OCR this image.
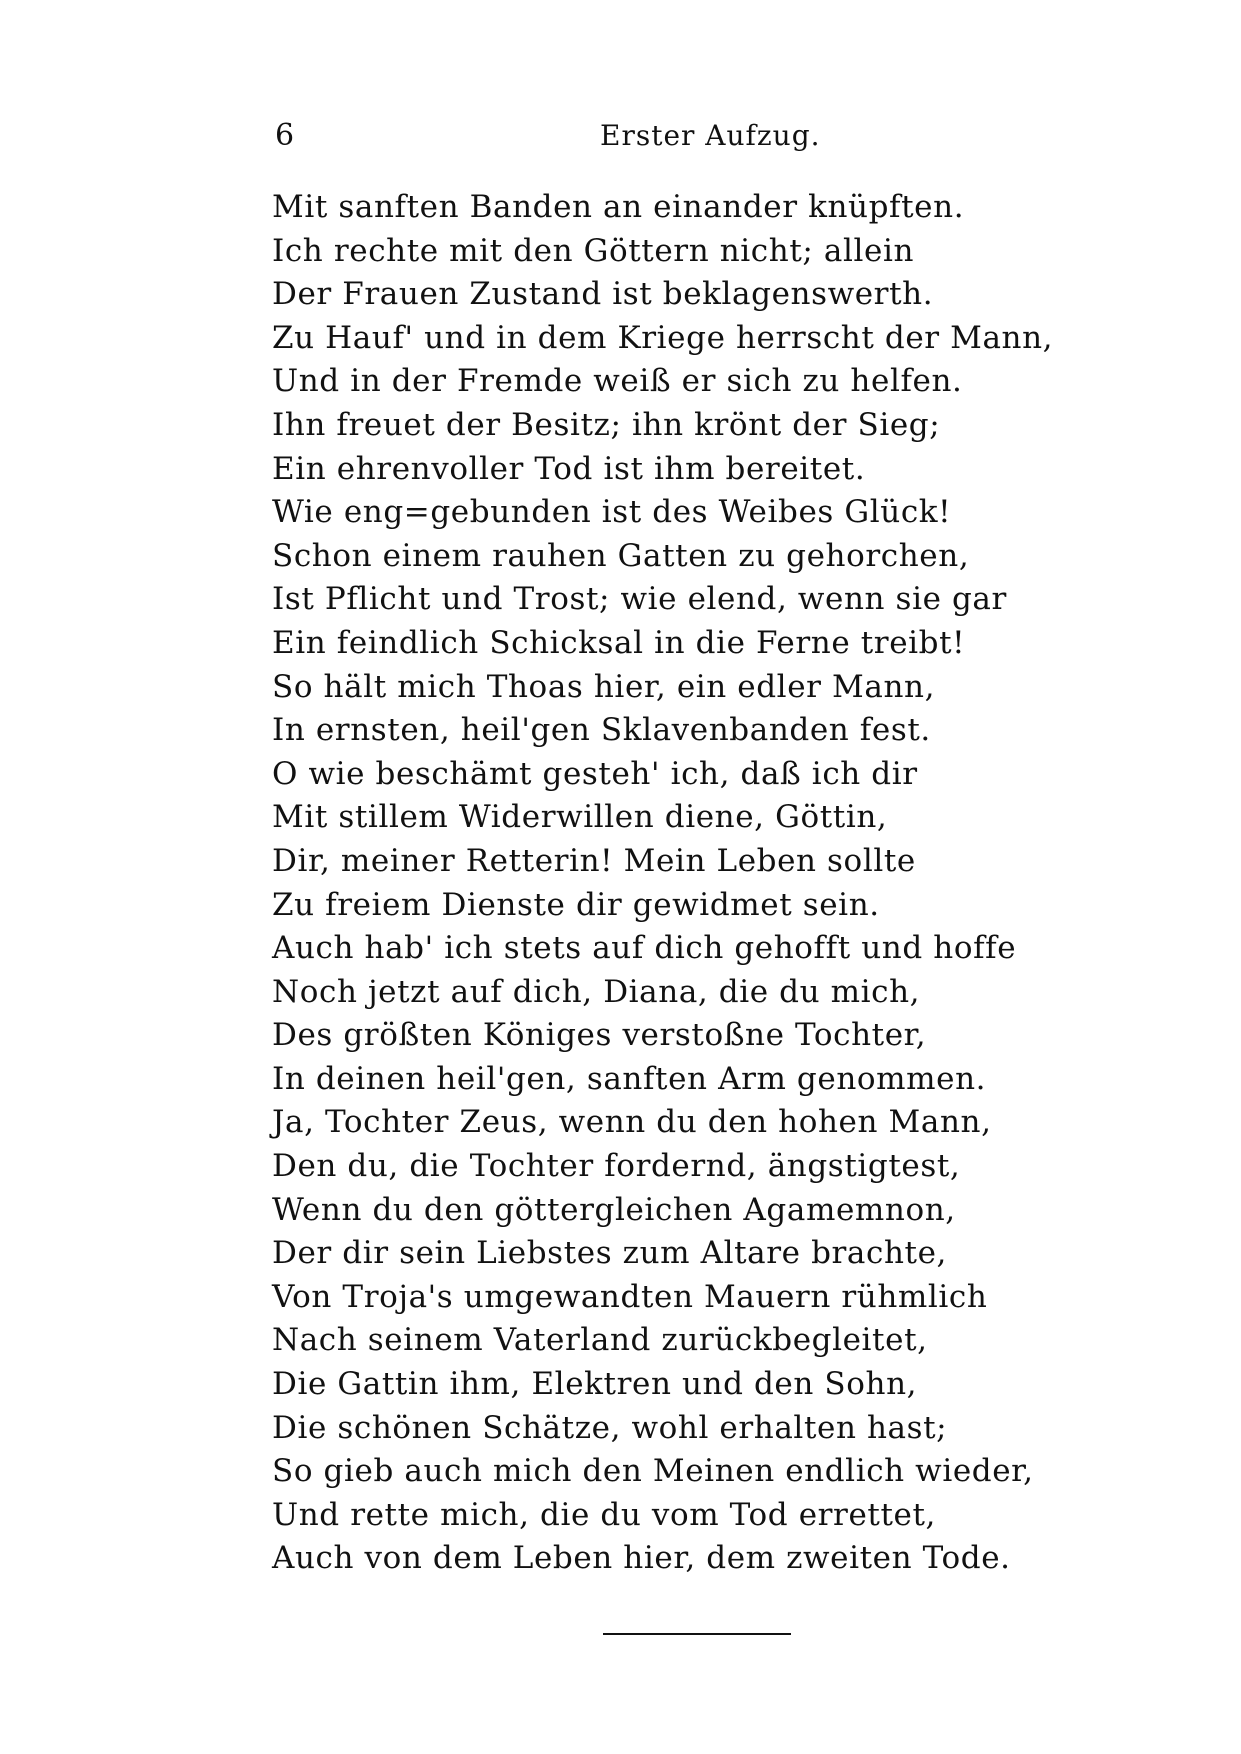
6	Erster Aufzug.
Mit sanften Banden an einander knüpften.
Ich rechte mit den Göttern nicht; allein
Der Frauen Zustand ist beklagenswerth.
Zu Hauf' und in dem Kriege herrscht der Mann,
Und in der Fremde weiß er sich zu helfen.
Ihn freuet der Besitz; ihn krönt der Sieg;
Ein ehrenvoller Tod ist ihm bereitet.
Wie eng=gebunden ist des Weibes Glück!
Schon einem rauhen Gatten zu gehorchen,
Ist Pflicht und Trost; wie elend, wenn sie gar
Ein feindlich Schicksal in die Ferne treibt!
So hält mich Thoas hier, ein edler Mann,
In ernsten, heil'gen Sklavenbanden fest.
O wie beschämt gesteh' ich, daß ich dir
Mit stillem Widerwillen diene, Göttin,
Dir, meiner Retterin! Mein Leben sollte
Zu freiem Dienste dir gewidmet sein.
Auch hab' ich stets auf dich gehofft und hoffe
Noch jetzt auf dich, Diana, die du mich,
Des größten Königes verstoßne Tochter,
In deinen heil'gen, sanften Arm genommen.
Ja, Tochter Zeus, wenn du den hohen Mann,
Den du, die Tochter fordernd, ängstigtest,
Wenn du den göttergleichen Agamemnon,
Der dir sein Liebstes zum Altare brachte,
Von Troja's umgewandten Mauern rühmlich
Nach seinem Vaterland zurückbegleitet,
Die Gattin ihm, Elektren und den Sohn,
Die schönen Schätze, wohl erhalten hast;
So gieb auch mich den Meinen endlich wieder,
Und rette mich, die du vom Tod errettet,
Auch von dem Leben hier, dem zweiten Tode.
